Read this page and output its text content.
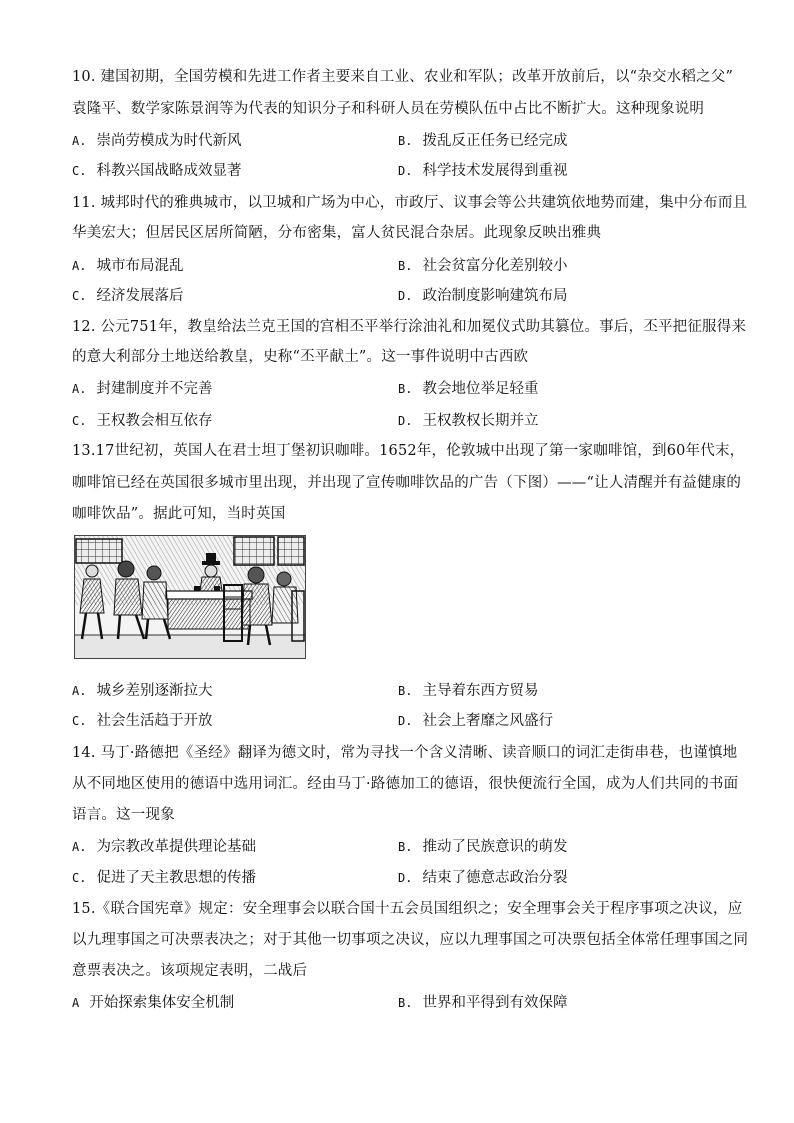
10. 建国初期，全国劳模和先进工作者主要来自工业、农业和军队；改革开放前后，以“杂交水稻之父”
袁隆平、数学家陈景润等为代表的知识分子和科研人员在劳模队伍中占比不断扩大。这种现象说明
A. 崇尚劳模成为时代新风	B. 拨乱反正任务已经完成
C. 科教兴国战略成效显著	D. 科学技术发展得到重视
11. 城邦时代的雅典城市，以卫城和广场为中心，市政厅、议事会等公共建筑依地势而建，集中分布而且
华美宏大；但居民区居所简陋，分布密集，富人贫民混合杂居。此现象反映出雅典
A. 城市布局混乱	B. 社会贫富分化差别较小
C. 经济发展落后	D. 政治制度影响建筑布局
12. 公元751年，教皇给法兰克王国的宫相丕平举行涂油礼和加冕仪式助其篡位。事后，丕平把征服得来
的意大利部分土地送给教皇，史称“丕平献土”。这一事件说明中古西欧
A. 封建制度并不完善	B. 教会地位举足轻重
C. 王权教会相互依存	D. 王权教权长期并立
13.17世纪初，英国人在君士坦丁堡初识咖啡。1652年，伦敦城中出现了第一家咖啡馆，到60年代末，
咖啡馆已经在英国很多城市里出现，并出现了宣传咖啡饮品的广告（下图）——“让人清醒并有益健康的
咖啡饮品”。据此可知，当时英国
A. 城乡差别逐渐拉大	B. 主导着东西方贸易
C. 社会生活趋于开放	D. 社会上奢靡之风盛行
14. 马丁·路德把《圣经》翻译为德文时，常为寻找一个含义清晰、读音顺口的词汇走街串巷，也谨慎地
从不同地区使用的德语中选用词汇。经由马丁·路德加工的德语，很快便流行全国，成为人们共同的书面
语言。这一现象
A. 为宗教改革提供理论基础	B. 推动了民族意识的萌发
C. 促进了天主教思想的传播	D. 结束了德意志政治分裂
15.《联合国宪章》规定：安全理事会以联合国十五会员国组织之；安全理事会关于程序事项之决议，应
以九理事国之可决票表决之；对于其他一切事项之决议，应以九理事国之可决票包括全体常任理事国之同
意票表决之。该项规定表明，二战后
A 开始探索集体安全机制	B. 世界和平得到有效保障
